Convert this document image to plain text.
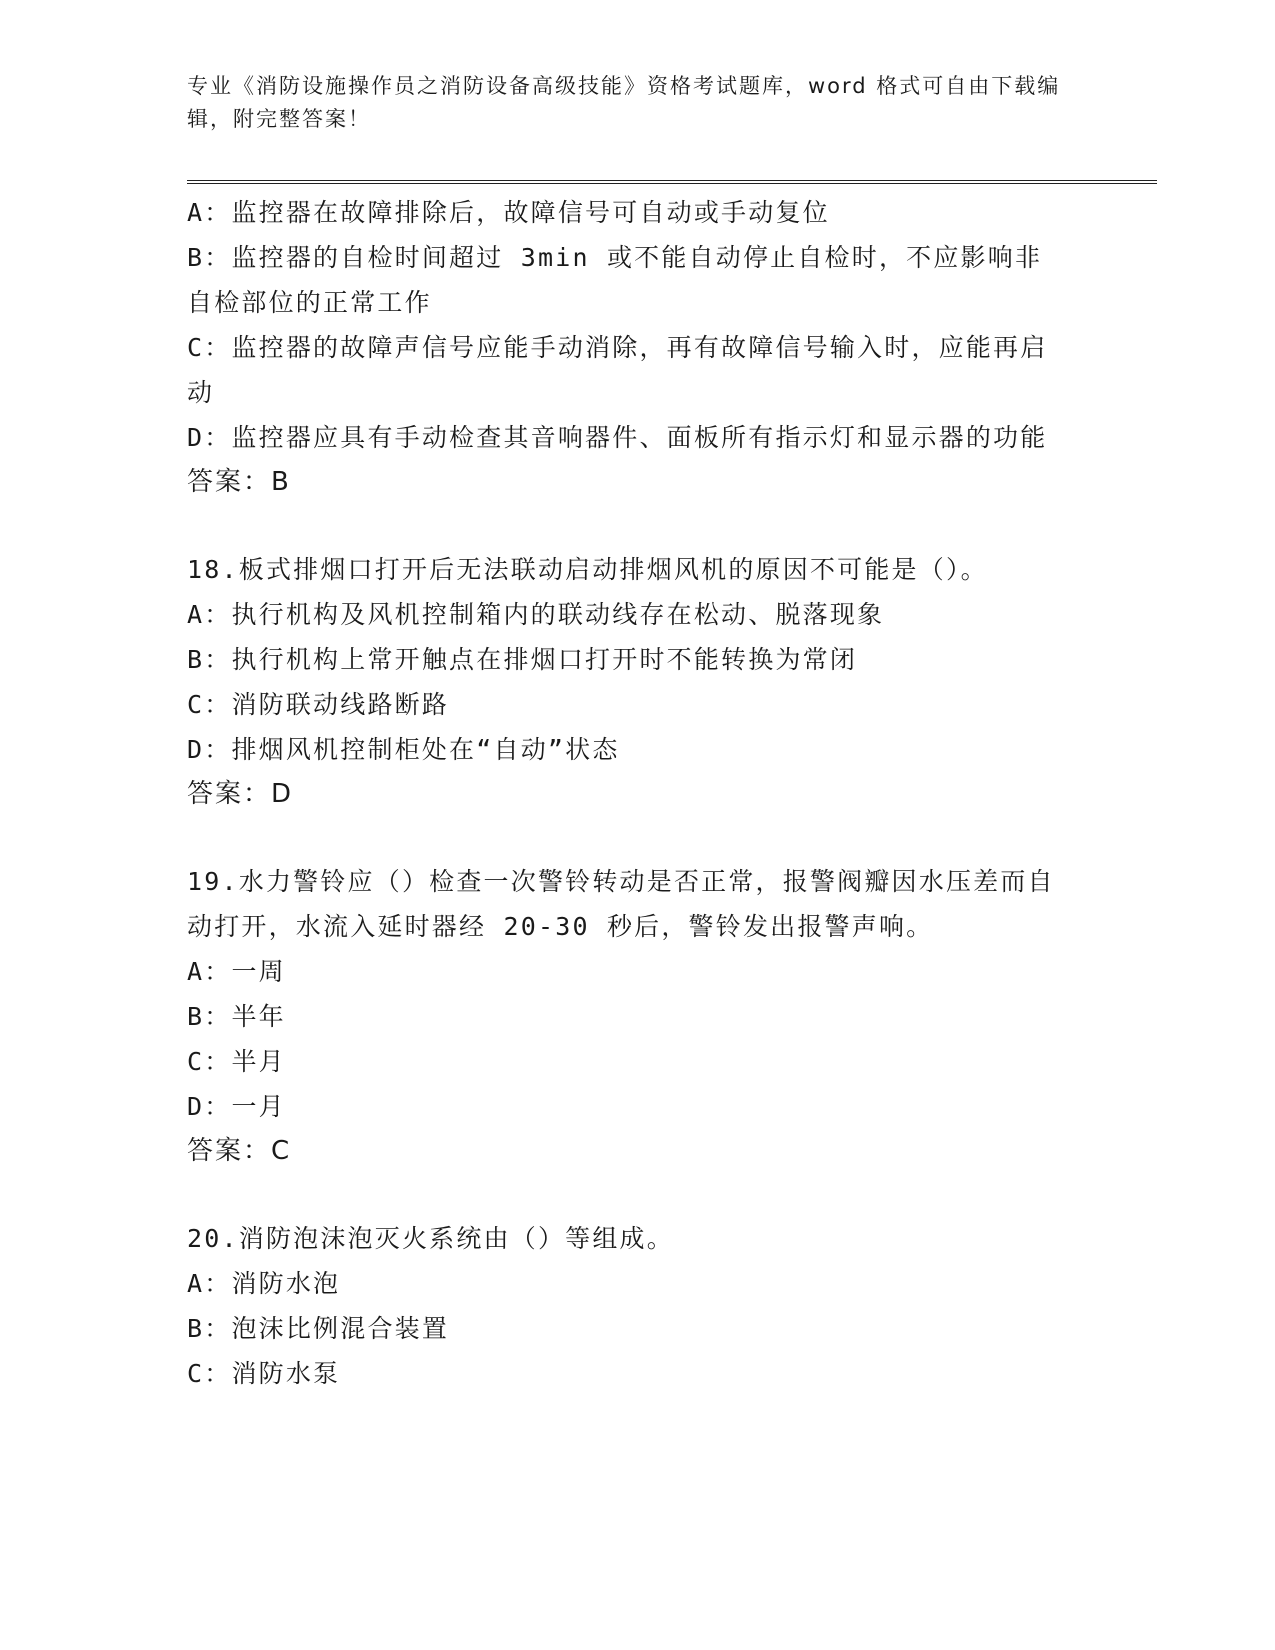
专业《消防设施操作员之消防设备高级技能》资格考试题库，word 格式可自由下载编辑，附完整答案！

A：监控器在故障排除后，故障信号可自动或手动复位

B：监控器的自检时间超过 3min 或不能自动停止自检时，不应影响非自检部位的正常工作

C：监控器的故障声信号应能手动消除，再有故障信号输入时，应能再启动

D：监控器应具有手动检查其音响器件、面板所有指示灯和显示器的功能

答案：B

18.板式排烟口打开后无法联动启动排烟风机的原因不可能是（）。

A：执行机构及风机控制箱内的联动线存在松动、脱落现象

B：执行机构上常开触点在排烟口打开时不能转换为常闭

C：消防联动线路断路

D：排烟风机控制柜处在“自动”状态

答案：D

19.水力警铃应（）检查一次警铃转动是否正常，报警阀瓣因水压差而自动打开，水流入延时器经 20-30 秒后，警铃发出报警声响。

A：一周

B：半年

C：半月

D：一月

答案：C

20.消防泡沫泡灭火系统由（）等组成。

A：消防水泡

B：泡沫比例混合装置

C：消防水泵
